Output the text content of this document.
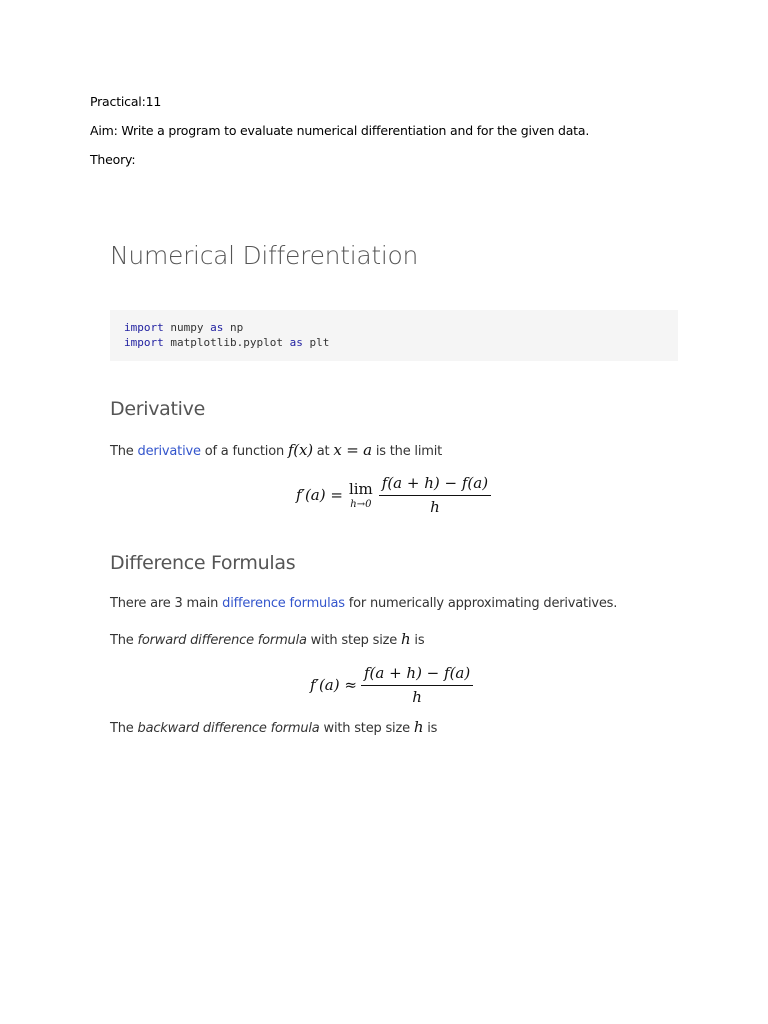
Practical:11

Aim: Write a program to evaluate numerical differentiation and for the given data.

Theory:

Numerical Differentiation
import numpy as np
import matplotlib.pyplot as plt
Derivative

The derivative of a function f(x) at x = a is the limit

f′(a) = lim
$h\to 0 \frac{f(a + h) - f(a)}{h}$
Difference Formulas

There are 3 main difference formulas for numerically approximating derivatives.

The forward difference formula with step size h is

$f'(a) \approx \frac{f(a + h) - f(a)}{h}$

The backward difference formula with step size h is
